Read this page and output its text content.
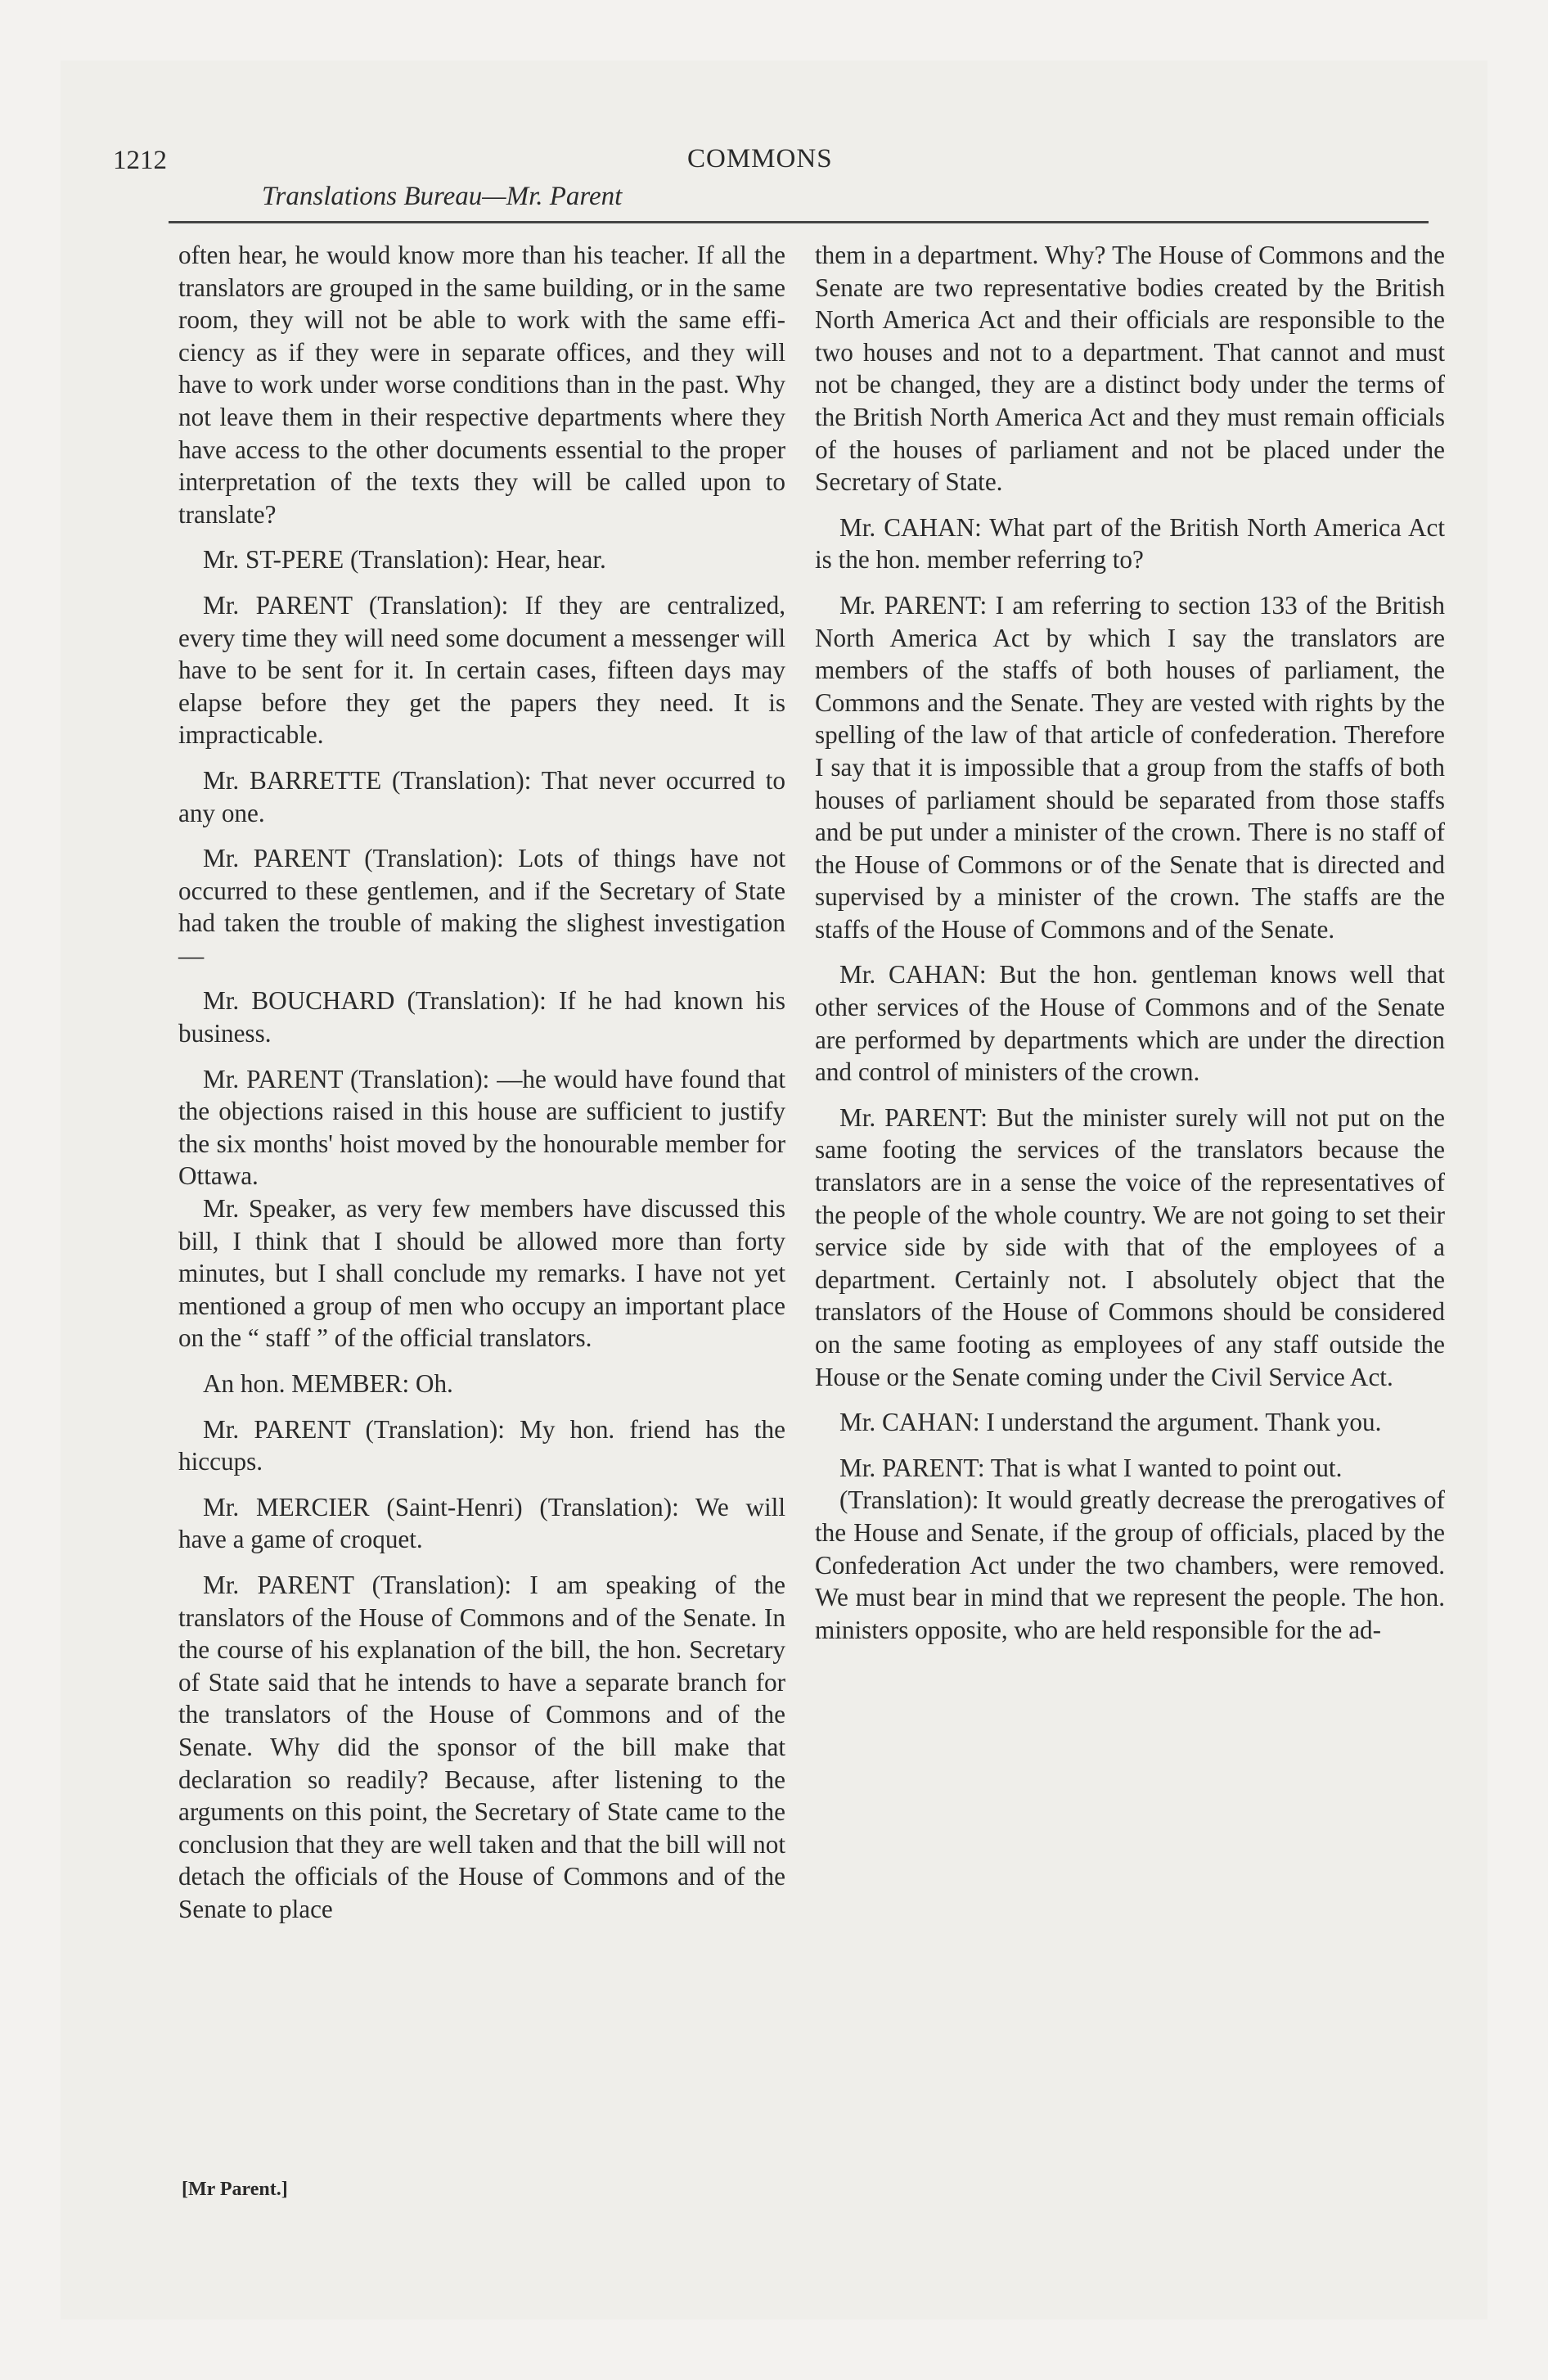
1212	COMMONS
Translations Bureau—Mr. Parent

often hear, he would know more than his teacher. If all the translators are grouped in the same building, or in the same room, they will not be able to work with the same efficiency as if they were in separate offices, and they will have to work under worse conditions than in the past. Why not leave them in their respective departments where they have access to the other documents essential to the proper interpretation of the texts they will be called upon to translate?

Mr. ST-PERE (Translation): Hear, hear.

Mr. PARENT (Translation): If they are centralized, every time they will need some document a messenger will have to be sent for it. In certain cases, fifteen days may elapse before they get the papers they need. It is impracticable.

Mr. BARRETTE (Translation): That never occurred to any one.

Mr. PARENT (Translation): Lots of things have not occurred to these gentlemen, and if the Secretary of State had taken the trouble of making the slighest investigation—

Mr. BOUCHARD (Translation): If he had known his business.

Mr. PARENT (Translation): —he would have found that the objections raised in this house are sufficient to justify the six months' hoist moved by the honourable member for Ottawa.

Mr. Speaker, as very few members have discussed this bill, I think that I should be allowed more than forty minutes, but I shall conclude my remarks. I have not yet mentioned a group of men who occupy an important place on the “ staff ” of the official translators.

An hon. MEMBER: Oh.

Mr. PARENT (Translation): My hon. friend has the hiccups.

Mr. MERCIER (Saint-Henri) (Translation): We will have a game of croquet.

Mr. PARENT (Translation): I am speaking of the translators of the House of Commons and of the Senate. In the course of his explanation of the bill, the hon. Secretary of State said that he intends to have a separate branch for the translators of the House of Commons and of the Senate. Why did the sponsor of the bill make that declaration so readily? Because, after listening to the arguments on this point, the Secretary of State came to the conclusion that they are well taken and that the bill will not detach the officials of the House of Commons and of the Senate to place

them in a department. Why? The House of Commons and the Senate are two representative bodies created by the British North America Act and their officials are responsible to the two houses and not to a department. That cannot and must not be changed, they are a distinct body under the terms of the British North America Act and they must remain officials of the houses of parliament and not be placed under the Secretary of State.

Mr. CAHAN: What part of the British North America Act is the hon. member referring to?

Mr. PARENT: I am referring to section 133 of the British North America Act by which I say the translators are members of the staffs of both houses of parliament, the Commons and the Senate. They are vested with rights by the spelling of the law of that article of confederation. Therefore I say that it is impossible that a group from the staffs of both houses of parliament should be separated from those staffs and be put under a minister of the crown. There is no staff of the House of Commons or of the Senate that is directed and supervised by a minister of the crown. The staffs are the staffs of the House of Commons and of the Senate.

Mr. CAHAN: But the hon. gentleman knows well that other services of the House of Commons and of the Senate are performed by departments which are under the direction and control of ministers of the crown.

Mr. PARENT: But the minister surely will not put on the same footing the services of the translators because the translators are in a sense the voice of the representatives of the people of the whole country. We are not going to set their service side by side with that of the employees of a department. Certainly not. I absolutely object that the translators of the House of Commons should be considered on the same footing as employees of any staff outside the House or the Senate coming under the Civil Service Act.

Mr. CAHAN: I understand the argument. Thank you.

Mr. PARENT: That is what I wanted to point out.

(Translation): It would greatly decrease the prerogatives of the House and Senate, if the group of officials, placed by the Confederation Act under the two chambers, were removed. We must bear in mind that we represent the people. The hon. ministers opposite, who are held responsible for the ad-

[Mr Parent.]
